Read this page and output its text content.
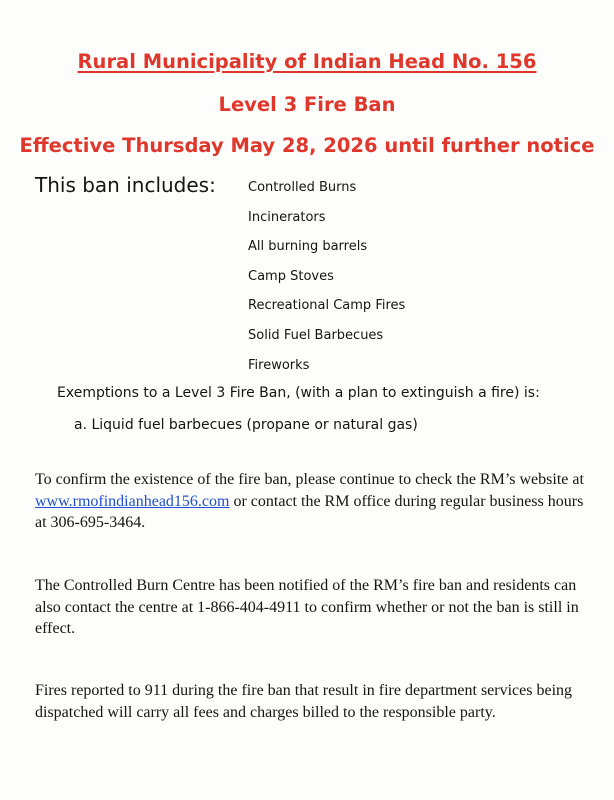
Rural Municipality of Indian Head No. 156
Level 3 Fire Ban
Effective Thursday May 28, 2026 until further notice
This ban includes: Controlled Burns
Incinerators
All burning barrels
Camp Stoves
Recreational Camp Fires
Solid Fuel Barbecues
Fireworks
Exemptions to a Level 3 Fire Ban, (with a plan to extinguish a fire) is:
a. Liquid fuel barbecues (propane or natural gas)

To confirm the existence of the fire ban, please continue to check the RM’s website at www.rmofindianhead156.com or contact the RM office during regular business hours at 306-695-3464.

The Controlled Burn Centre has been notified of the RM’s fire ban and residents can also contact the centre at 1-866-404-4911 to confirm whether or not the ban is still in effect.

Fires reported to 911 during the fire ban that result in fire department services being dispatched will carry all fees and charges billed to the responsible party.
